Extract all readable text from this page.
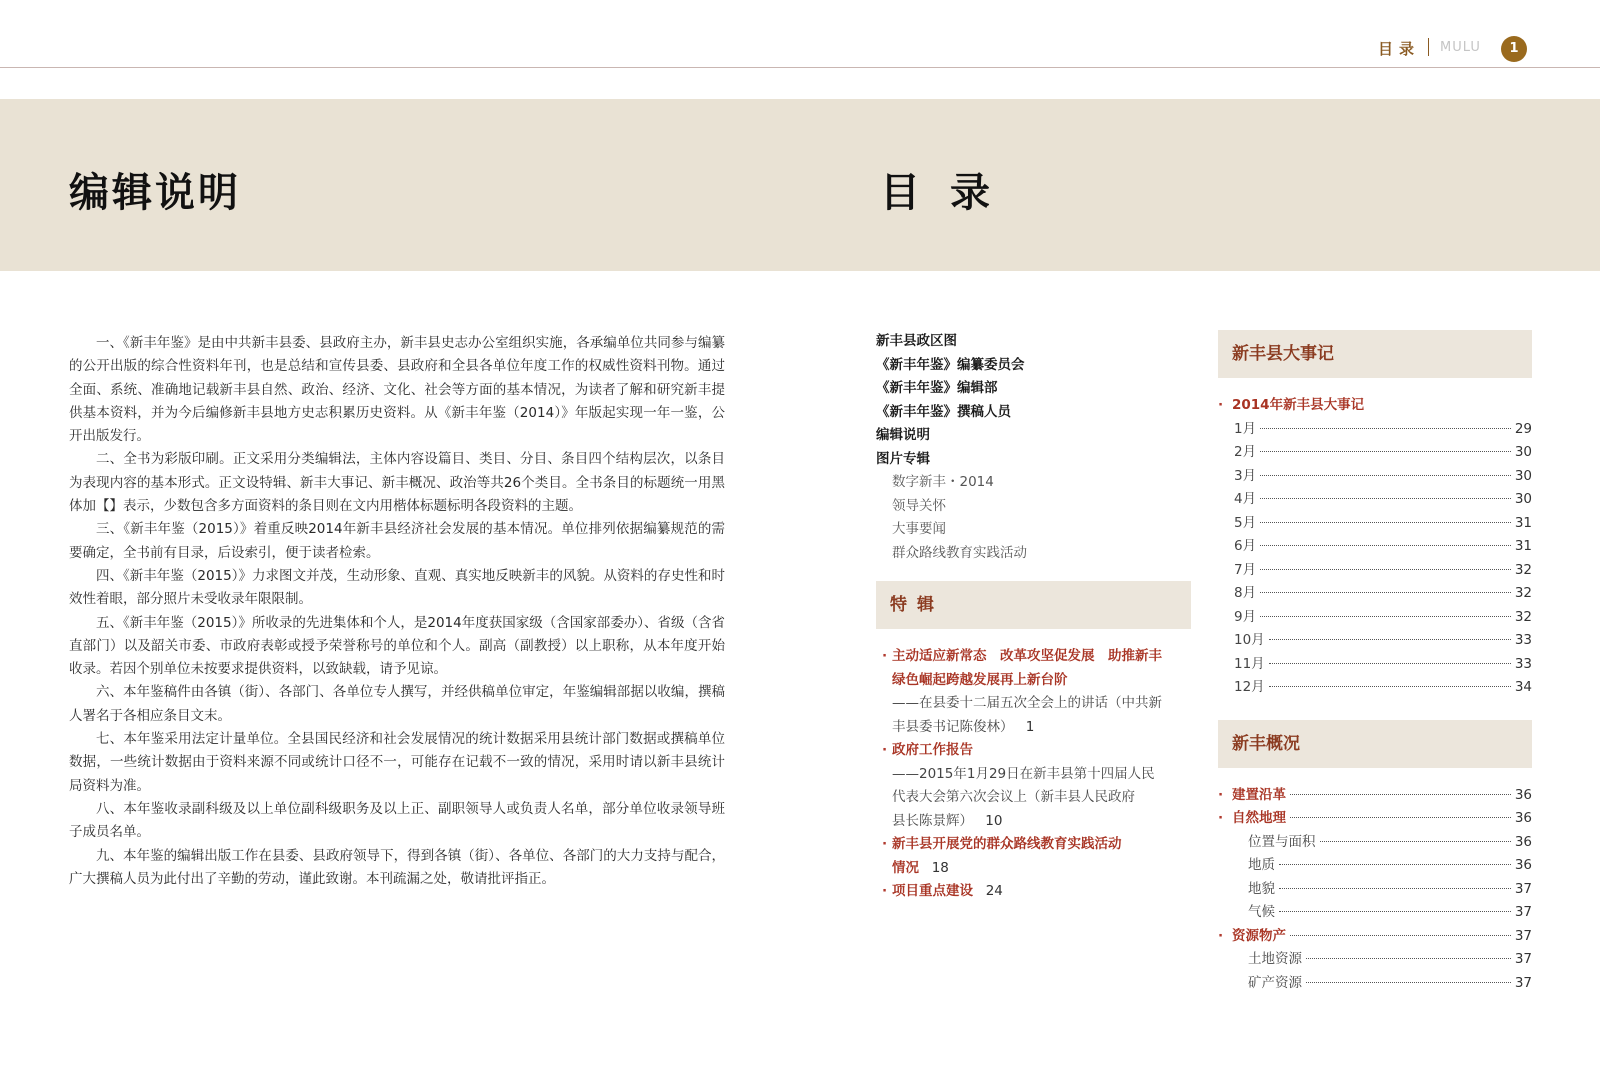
目录 MULU	1
编辑说明	目录

一、《新丰年鉴》是由中共新丰县委、县政府主办，新丰县史志办公室组织实施，各承编单位共同参与编纂的公开出版的综合性资料年刊，也是总结和宣传县委、县政府和全县各单位年度工作的权威性资料刊物。通过全面、系统、准确地记载新丰县自然、政治、经济、文化、社会等方面的基本情况，为读者了解和研究新丰提供基本资料，并为今后编修新丰县地方史志积累历史资料。从《新丰年鉴（2014）》年版起实现一年一鉴，公开出版发行。

二、全书为彩版印刷。正文采用分类编辑法，主体内容设篇目、类目、分目、条目四个结构层次，以条目为表现内容的基本形式。正文设特辑、新丰大事记、新丰概况、政治等共26个类目。全书条目的标题统一用黑体加【】表示，少数包含多方面资料的条目则在文内用楷体标题标明各段资料的主题。

三、《新丰年鉴（2015）》着重反映2014年新丰县经济社会发展的基本情况。单位排列依据编纂规范的需要确定，全书前有目录，后设索引，便于读者检索。

四、《新丰年鉴（2015）》力求图文并茂，生动形象、直观、真实地反映新丰的风貌。从资料的存史性和时效性着眼，部分照片未受收录年限限制。

五、《新丰年鉴（2015）》所收录的先进集体和个人，是2014年度获国家级（含国家部委办）、省级（含省直部门）以及韶关市委、市政府表彰或授予荣誉称号的单位和个人。副高（副教授）以上职称，从本年度开始收录。若因个别单位未按要求提供资料，以致缺载，请予见谅。

六、本年鉴稿件由各镇（街）、各部门、各单位专人撰写，并经供稿单位审定，年鉴编辑部据以收编，撰稿人署名于各相应条目文末。

七、本年鉴采用法定计量单位。全县国民经济和社会发展情况的统计数据采用县统计部门数据或撰稿单位数据，一些统计数据由于资料来源不同或统计口径不一，可能存在记载不一致的情况，采用时请以新丰县统计局资料为准。

八、本年鉴收录副科级及以上单位副科级职务及以上正、副职领导人或负责人名单，部分单位收录领导班子成员名单。

九、本年鉴的编辑出版工作在县委、县政府领导下，得到各镇（街）、各单位、各部门的大力支持与配合，广大撰稿人员为此付出了辛勤的劳动，谨此致谢。本刊疏漏之处，敬请批评指正。

新丰县政区图
《新丰年鉴》编纂委员会
《新丰年鉴》编辑部
《新丰年鉴》撰稿人员
编辑说明
图片专辑
数字新丰・2014
领导关怀
大事要闻
群众路线教育实践活动
特辑
· 主动适应新常态　改革攻坚促发展　助推新丰
绿色崛起跨越发展再上新台阶
——在县委十二届五次全会上的讲话（中共新
丰县委书记陈俊林） 1
· 政府工作报告
——2015年1月29日在新丰县第十四届人民
代表大会第六次会议上（新丰县人民政府
县长陈景辉） 10
· 新丰县开展党的群众路线教育实践活动
情况 18
· 项目重点建设 24
新丰县大事记
· 2014年新丰县大事记
1月	29
2月	30
3月	30
4月	30
5月	31
6月	31
7月	32
8月	32
9月	32
10月	33
11月	33
12月	34
新丰概况
· 建置沿革	36
· 自然地理	36
位置与面积	36
地质	36
地貌	37
气候	37
· 资源物产	37
土地资源	37
矿产资源	37
